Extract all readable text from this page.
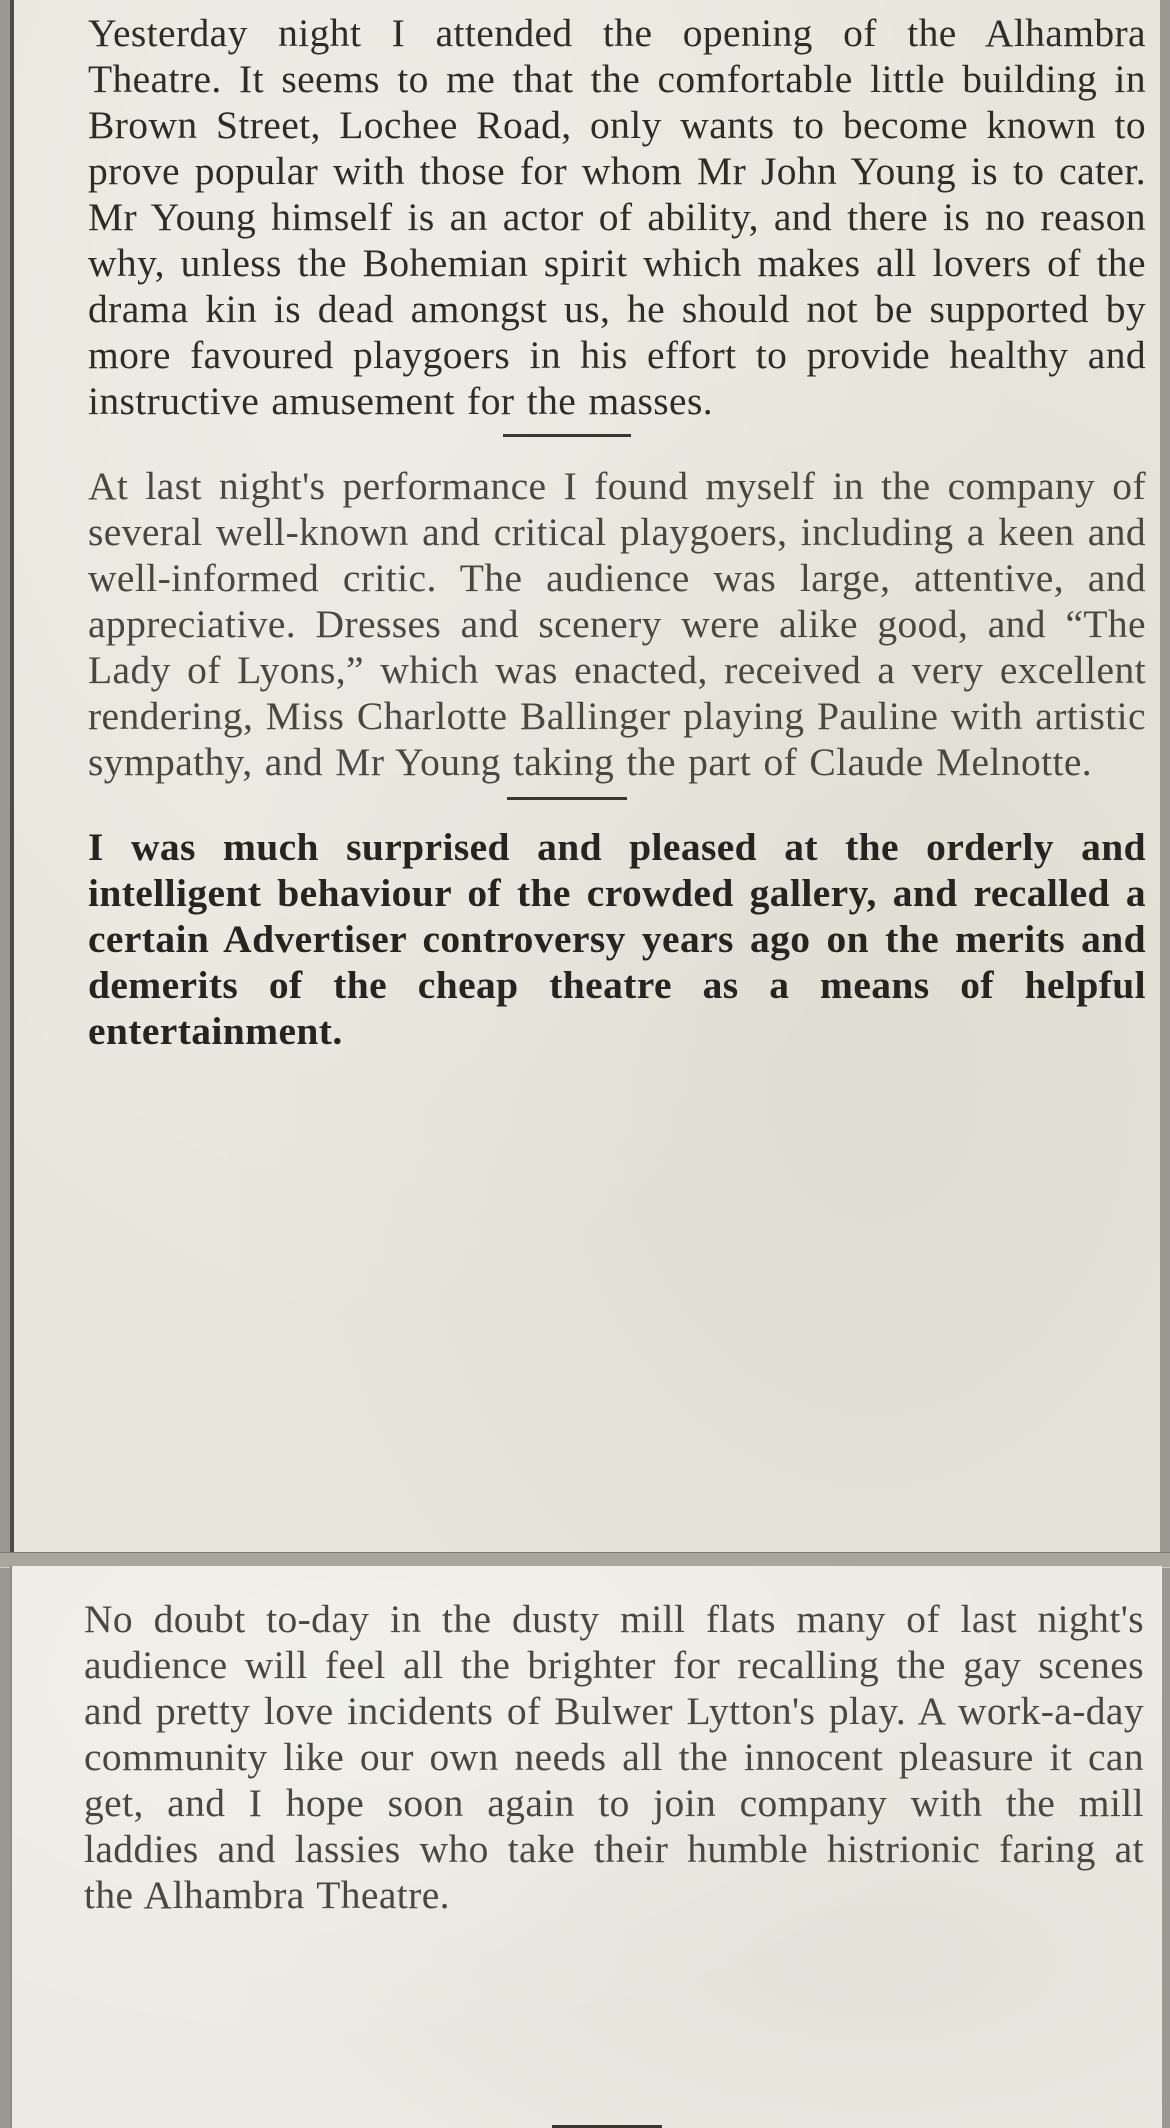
Yesterday night I attended the opening of the Alhambra Theatre. It seems to me that the comfortable little building in Brown Street, Lochee Road, only wants to become known to prove popular with those for whom Mr John Young is to cater. Mr Young himself is an actor of ability, and there is no reason why, unless the Bohemian spirit which makes all lovers of the drama kin is dead amongst us, he should not be supported by more favoured playgoers in his effort to provide healthy and instructive amusement for the masses.

At last night's performance I found myself in the company of several well-known and critical playgoers, including a keen and well-informed critic. The audience was large, attentive, and appreciative. Dresses and scenery were alike good, and “The Lady of Lyons,” which was enacted, received a very excellent rendering, Miss Charlotte Ballinger playing Pauline with artistic sympathy, and Mr Young taking the part of Claude Melnotte.

I was much surprised and pleased at the orderly and intelligent behaviour of the crowded gallery, and recalled a certain Advertiser controversy years ago on the merits and demerits of the cheap theatre as a means of helpful entertainment.

No doubt to-day in the dusty mill flats many of last night's audience will feel all the brighter for recalling the gay scenes and pretty love incidents of Bulwer Lytton's play. A work-a-day community like our own needs all the innocent pleasure it can get, and I hope soon again to join company with the mill laddies and lassies who take their humble histrionic faring at the Alhambra Theatre.
